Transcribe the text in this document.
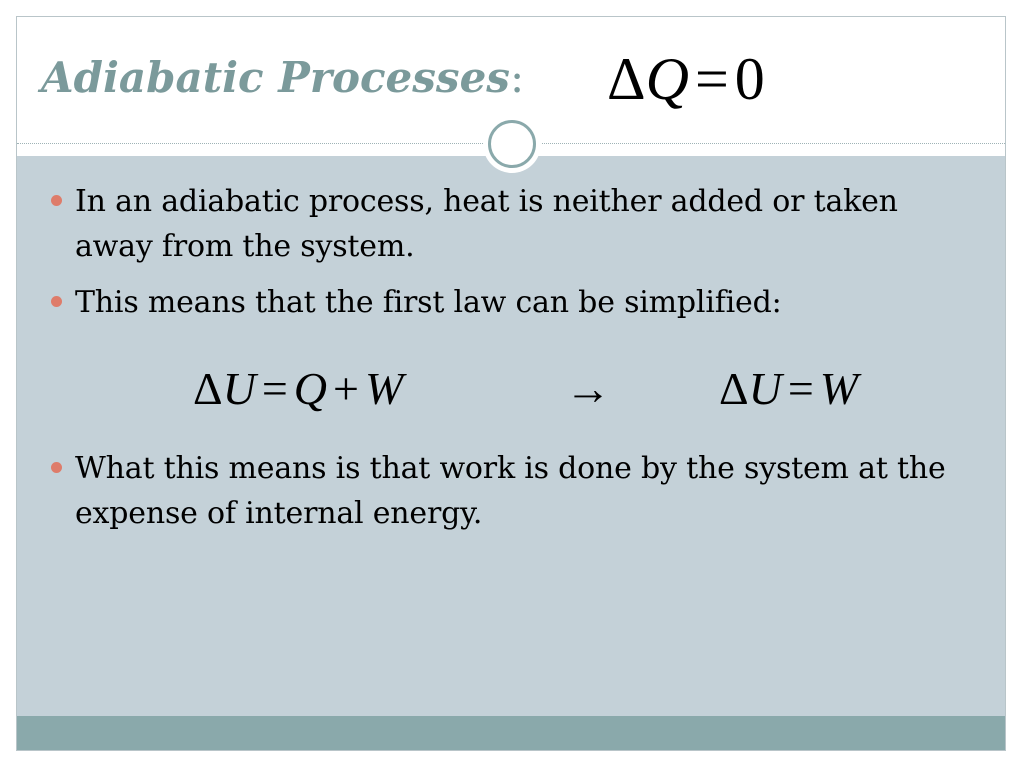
Adiabatic Processes: ΔQ = 0
In an adiabatic process, heat is neither added or taken away from the system.
This means that the first law can be simplified:
ΔU = Q + W	→ ΔU = W
What this means is that work is done by the system at the expense of internal energy.
